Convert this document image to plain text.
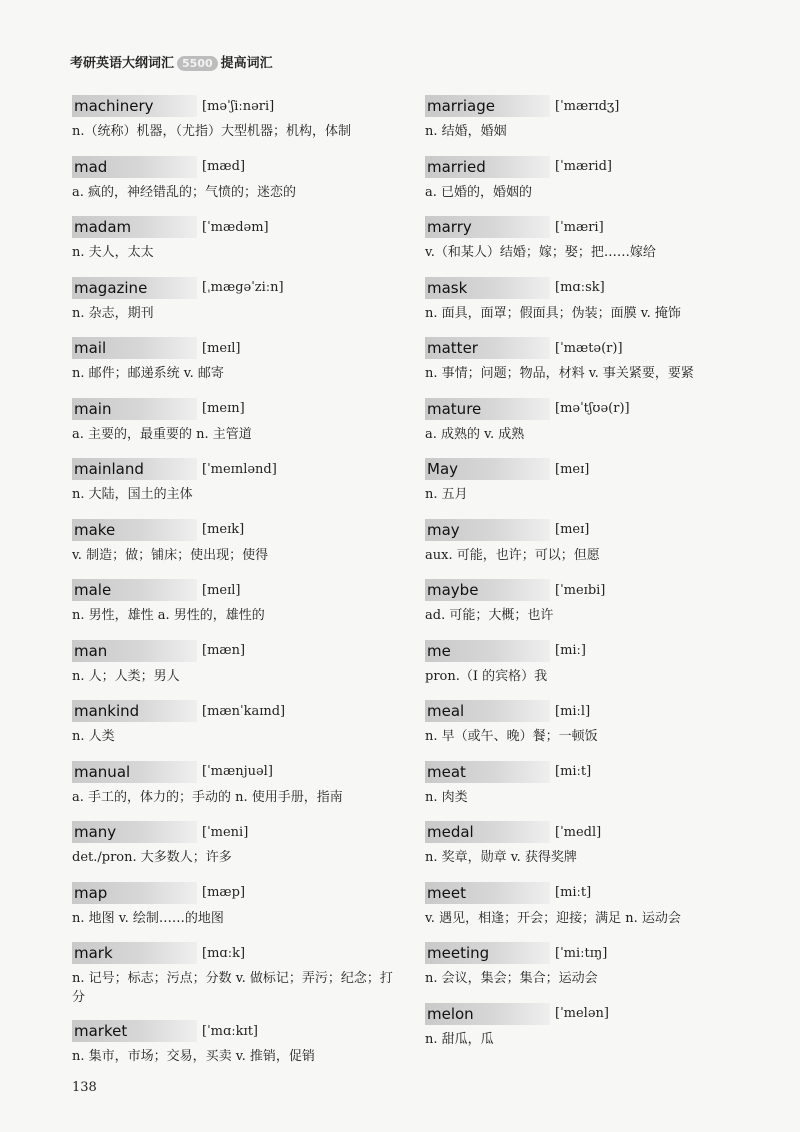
考研英语大纲词汇 5500 提高词汇
machinery	[məˈʃiːnəri]
n.（统称）机器，（尤指）大型机器；机构，体制
mad	[mæd]
a. 疯的，神经错乱的；气愤的；迷恋的
madam	[ˈmædəm]
n. 夫人，太太
magazine	[ˌmægəˈziːn]
n. 杂志，期刊
mail	[meɪl]
n. 邮件；邮递系统 v. 邮寄
main	[meɪn]
a. 主要的，最重要的 n. 主管道
mainland	[ˈmeɪnlənd]
n. 大陆，国土的主体
make	[meɪk]
v. 制造；做；铺床；使出现；使得
male	[meɪl]
n. 男性，雄性 a. 男性的，雄性的
man	[mæn]
n. 人；人类；男人
mankind	[mænˈkaɪnd]
n. 人类
manual	[ˈmænjuəl]
a. 手工的，体力的；手动的 n. 使用手册，指南
many	[ˈmeni]
det./pron. 大多数人；许多
map	[mæp]
n. 地图 v. 绘制……的地图
mark	[mɑːk]
n. 记号；标志；污点；分数 v. 做标记；弄污；纪念；打分
market	[ˈmɑːkɪt]
n. 集市，市场；交易，买卖 v. 推销，促销
marriage	[ˈmærɪdʒ]
n. 结婚，婚姻
married	[ˈmærid]
a. 已婚的，婚姻的
marry	[ˈmæri]
v.（和某人）结婚；嫁；娶；把……嫁给
mask	[mɑːsk]
n. 面具，面罩；假面具；伪装；面膜 v. 掩饰
matter	[ˈmætə(r)]
n. 事情；问题；物品，材料 v. 事关紧要，要紧
mature	[məˈtʃʊə(r)]
a. 成熟的 v. 成熟
May	[meɪ]
n. 五月
may	[meɪ]
aux. 可能，也许；可以；但愿
maybe	[ˈmeɪbi]
ad. 可能；大概；也许
me	[miː]
pron.（I 的宾格）我
meal	[miːl]
n. 早（或午、晚）餐；一顿饭
meat	[miːt]
n. 肉类
medal	[ˈmedl]
n. 奖章，勋章 v. 获得奖牌
meet	[miːt]
v. 遇见，相逢；开会；迎接；满足 n. 运动会
meeting	[ˈmiːtɪŋ]
n. 会议，集会；集合；运动会
melon	[ˈmelən]
n. 甜瓜，瓜
138
